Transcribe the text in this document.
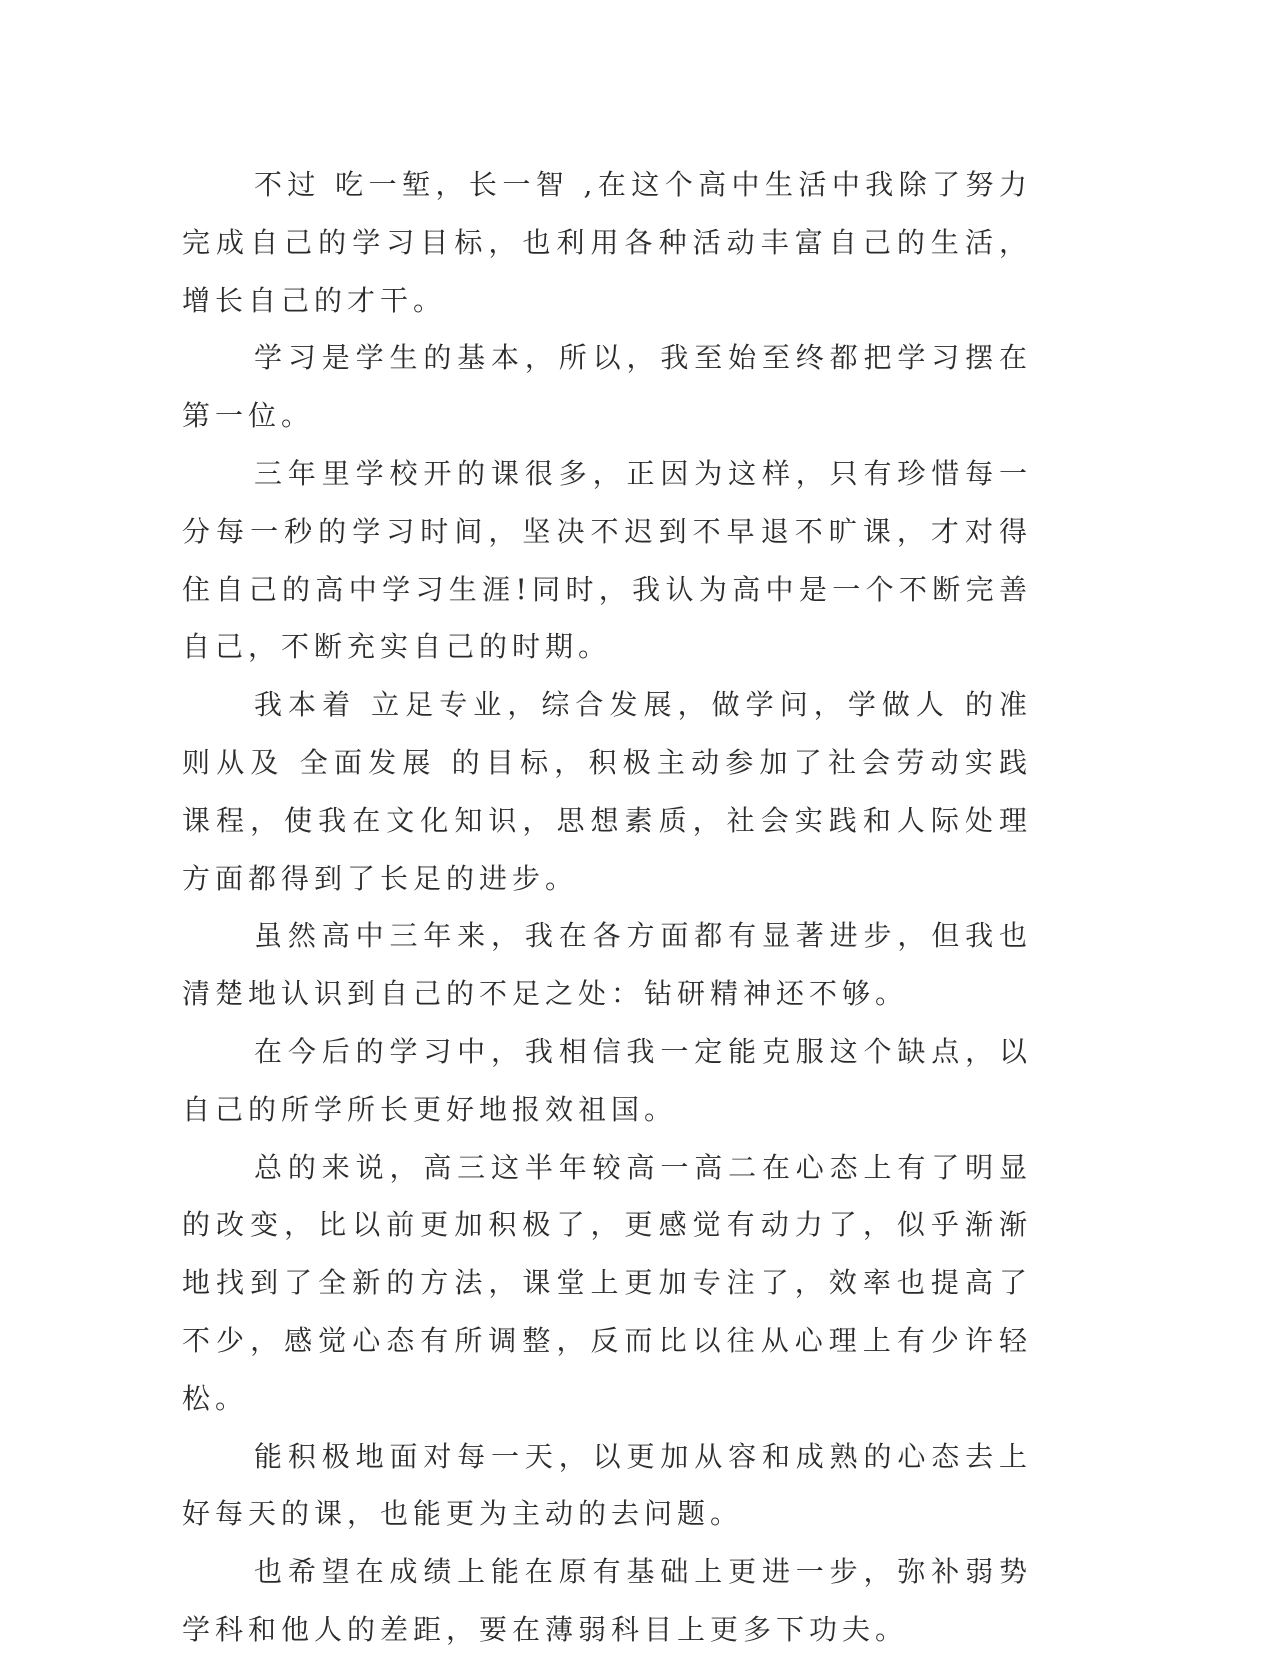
不过 吃一堑，长一智 ,在这个高中生活中我除了努力完成自己的学习目标，也利用各种活动丰富自己的生活，增长自己的才干。

学习是学生的基本，所以，我至始至终都把学习摆在第一位。

三年里学校开的课很多，正因为这样，只有珍惜每一分每一秒的学习时间，坚决不迟到不早退不旷课，才对得住自己的高中学习生涯!同时，我认为高中是一个不断完善自己，不断充实自己的时期。

我本着 立足专业，综合发展，做学问，学做人 的准则从及 全面发展 的目标，积极主动参加了社会劳动实践课程，使我在文化知识，思想素质，社会实践和人际处理方面都得到了长足的进步。

虽然高中三年来，我在各方面都有显著进步，但我也清楚地认识到自己的不足之处：钻研精神还不够。

在今后的学习中，我相信我一定能克服这个缺点，以自己的所学所长更好地报效祖国。

总的来说，高三这半年较高一高二在心态上有了明显的改变，比以前更加积极了，更感觉有动力了，似乎渐渐地找到了全新的方法，课堂上更加专注了，效率也提高了不少，感觉心态有所调整，反而比以往从心理上有少许轻松。

能积极地面对每一天，以更加从容和成熟的心态去上好每天的课，也能更为主动的去问题。

也希望在成绩上能在原有基础上更进一步，弥补弱势学科和他人的差距，要在薄弱科目上更多下功夫。
